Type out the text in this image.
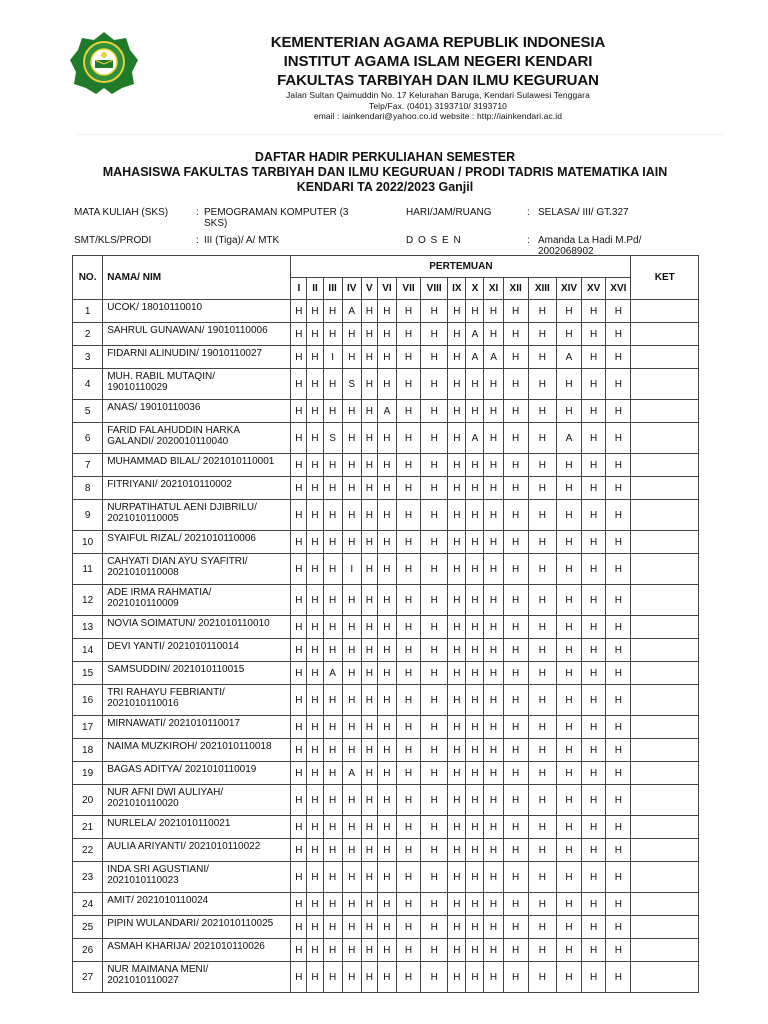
KEMENTERIAN AGAMA REPUBLIK INDONESIA
INSTITUT AGAMA ISLAM NEGERI KENDARI
FAKULTAS TARBIYAH DAN ILMU KEGURUAN
Jalan Sultan Qaimuddin No. 17 Kelurahan Baruga, Kendari Sulawesi Tenggara
Telp/Fax. (0401) 3193710/ 3193710
email : iainkendari@yahoo.co.id website : http://iainkendari.ac.id
DAFTAR HADIR PERKULIAHAN SEMESTER
MAHASISWA FAKULTAS TARBIYAH DAN ILMU KEGURUAN / PRODI TADRIS MATEMATIKA IAIN
KENDARI TA 2022/2023 Ganjil
MATA KULIAH (SKS)	: PEMOGRAMAN KOMPUTER (3
SKS)
HARI/JAM/RUANG	: SELASA/ III/ GT.327
SMT/KLS/PRODI	: III (Tiga)/ A/ MTK	D O S E N	: Amanda La Hadi M.Pd/
2002068902
NO.	NAMA/ NIM	PERTEMUAN																KET
		I	II	III	IV	V	VI	VII	VIII	IX	X	XI	XII	XIII	XIV	XV	XVI	
1	UCOK/ 18010110010	H	H	H	A	H	H	H	H	H	H	H	H	H	H	H	H	
2	SAHRUL GUNAWAN/ 19010110006	H	H	H	H	H	H	H	H	H	A	H	H	H	H	H	H	
3	FIDARNI ALINUDIN/ 19010110027	H	H	I	H	H	H	H	H	H	A	A	H	H	A	H	H	
4	MUH. RABIL MUTAQIN/
19010110029	H	H	H	S	H	H	H	H	H	H	H	H	H	H	H	H	
5	ANAS/ 19010110036	H	H	H	H	H	A	H	H	H	H	H	H	H	H	H	H	
6	FARID FALAHUDDIN HARKA
GALANDI/ 2020010110040	H	H	S	H	H	H	H	H	H	A	H	H	H	A	H	H	
7	MUHAMMAD BILAL/ 2021010110001	H	H	H	H	H	H	H	H	H	H	H	H	H	H	H	H	
8	FITRIYANI/ 2021010110002	H	H	H	H	H	H	H	H	H	H	H	H	H	H	H	H	
9	NURPATIHATUL AENI DJIBRILU/
2021010110005	H	H	H	H	H	H	H	H	H	H	H	H	H	H	H	H	
10	SYAIFUL RIZAL/ 2021010110006	H	H	H	H	H	H	H	H	H	H	H	H	H	H	H	H	
11	CAHYATI DIAN AYU SYAFITRI/
2021010110008	H	H	H	I	H	H	H	H	H	H	H	H	H	H	H	H	
12	ADE IRMA RAHMATIA/
2021010110009	H	H	H	H	H	H	H	H	H	H	H	H	H	H	H	H	
13	NOVIA SOIMATUN/ 2021010110010	H	H	H	H	H	H	H	H	H	H	H	H	H	H	H	H	
14	DEVI YANTI/ 2021010110014	H	H	H	H	H	H	H	H	H	H	H	H	H	H	H	H	
15	SAMSUDDIN/ 2021010110015	H	H	A	H	H	H	H	H	H	H	H	H	H	H	H	H	
16	TRI RAHAYU FEBRIANTI/
2021010110016	H	H	H	H	H	H	H	H	H	H	H	H	H	H	H	H	
17	MIRNAWATI/ 2021010110017	H	H	H	H	H	H	H	H	H	H	H	H	H	H	H	H	
18	NAIMA MUZKIROH/ 2021010110018	H	H	H	H	H	H	H	H	H	H	H	H	H	H	H	H	
19	BAGAS ADITYA/ 2021010110019	H	H	H	A	H	H	H	H	H	H	H	H	H	H	H	H	
20	NUR AFNI DWI AULIYAH/
2021010110020	H	H	H	H	H	H	H	H	H	H	H	H	H	H	H	H	
21	NURLELA/ 2021010110021	H	H	H	H	H	H	H	H	H	H	H	H	H	H	H	H	
22	AULIA ARIYANTI/ 2021010110022	H	H	H	H	H	H	H	H	H	H	H	H	H	H	H	H	
23	INDA SRI AGUSTIANI/
2021010110023	H	H	H	H	H	H	H	H	H	H	H	H	H	H	H	H	
24	AMIT/ 2021010110024	H	H	H	H	H	H	H	H	H	H	H	H	H	H	H	H	
25	PIPIN WULANDARI/ 2021010110025	H	H	H	H	H	H	H	H	H	H	H	H	H	H	H	H	
26	ASMAH KHARIJA/ 2021010110026	H	H	H	H	H	H	H	H	H	H	H	H	H	H	H	H	
27	NUR MAIMANA MENI/
2021010110027	H	H	H	H	H	H	H	H	H	H	H	H	H	H	H	H	
